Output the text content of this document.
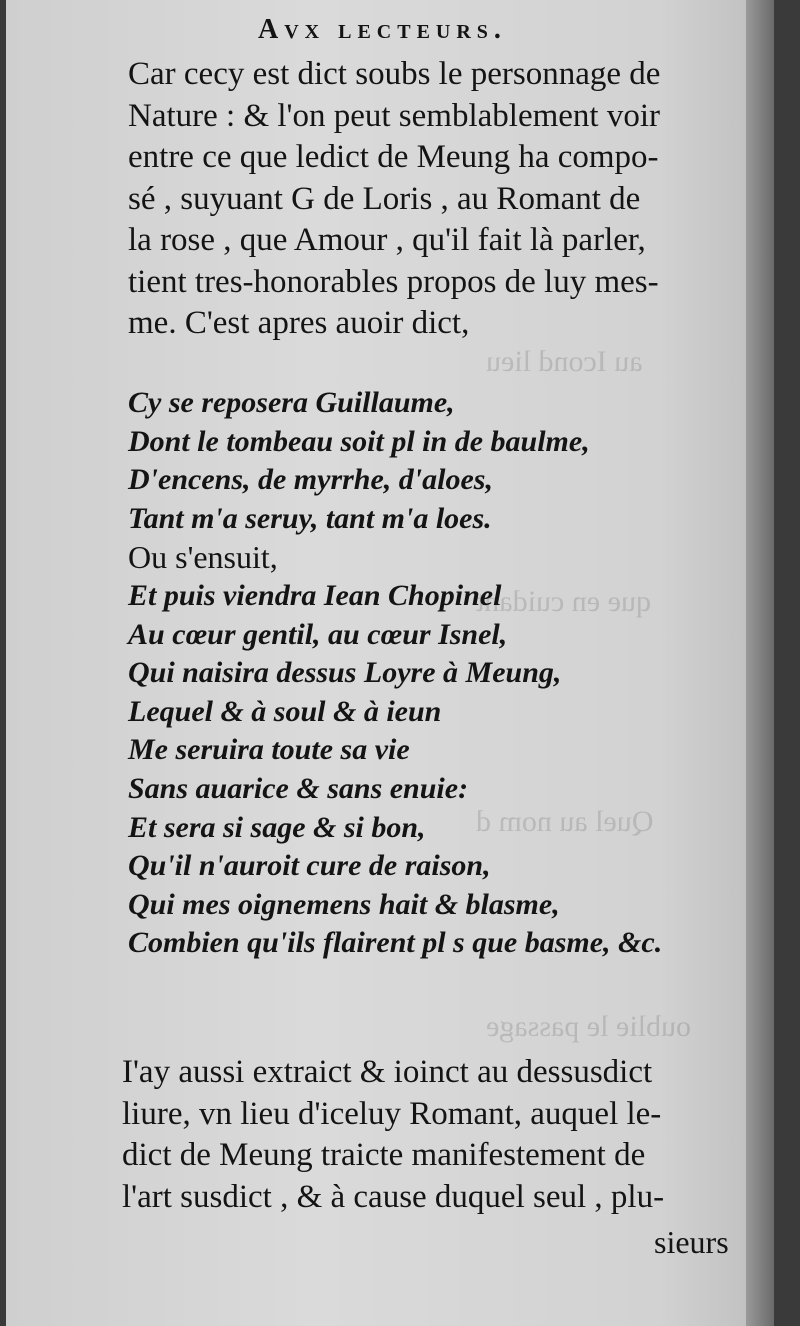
au Icond lieu
que en cuidant
Quel au nom d
oublie le passage
Avx lecteurs.
Car cecy est dict soubs le personnage de
Nature : & l'on peut semblablement voir
entre ce que ledict de Meung ha compo-
sé , suyuant G de Loris , au Romant de
la rose , que Amour , qu'il fait là parler,
tient tres-honorables propos de luy mes-
me. C'est apres auoir dict,
Cy se reposera Guillaume,
Dont le tombeau soit pl in de baulme,
D'encens, de myrrhe, d'aloes,
Tant m'a seruy, tant m'a loes.
Ou s'ensuit,
Et puis viendra Iean Chopinel
Au cœur gentil, au cœur Isnel,
Qui naisira dessus Loyre à Meung,
Lequel & à soul & à ieun
Me seruira toute sa vie
Sans auarice & sans enuie:
Et sera si sage & si bon,
Qu'il n'auroit cure de raison,
Qui mes oignemens hait & blasme,
Combien qu'ils flairent pl s que basme, &c.
I'ay aussi extraict & ioinct au dessusdict
liure, vn lieu d'iceluy Romant, auquel le-
dict de Meung traicte manifestement de
l'art susdict , & à cause duquel seul , plu-
sieurs
